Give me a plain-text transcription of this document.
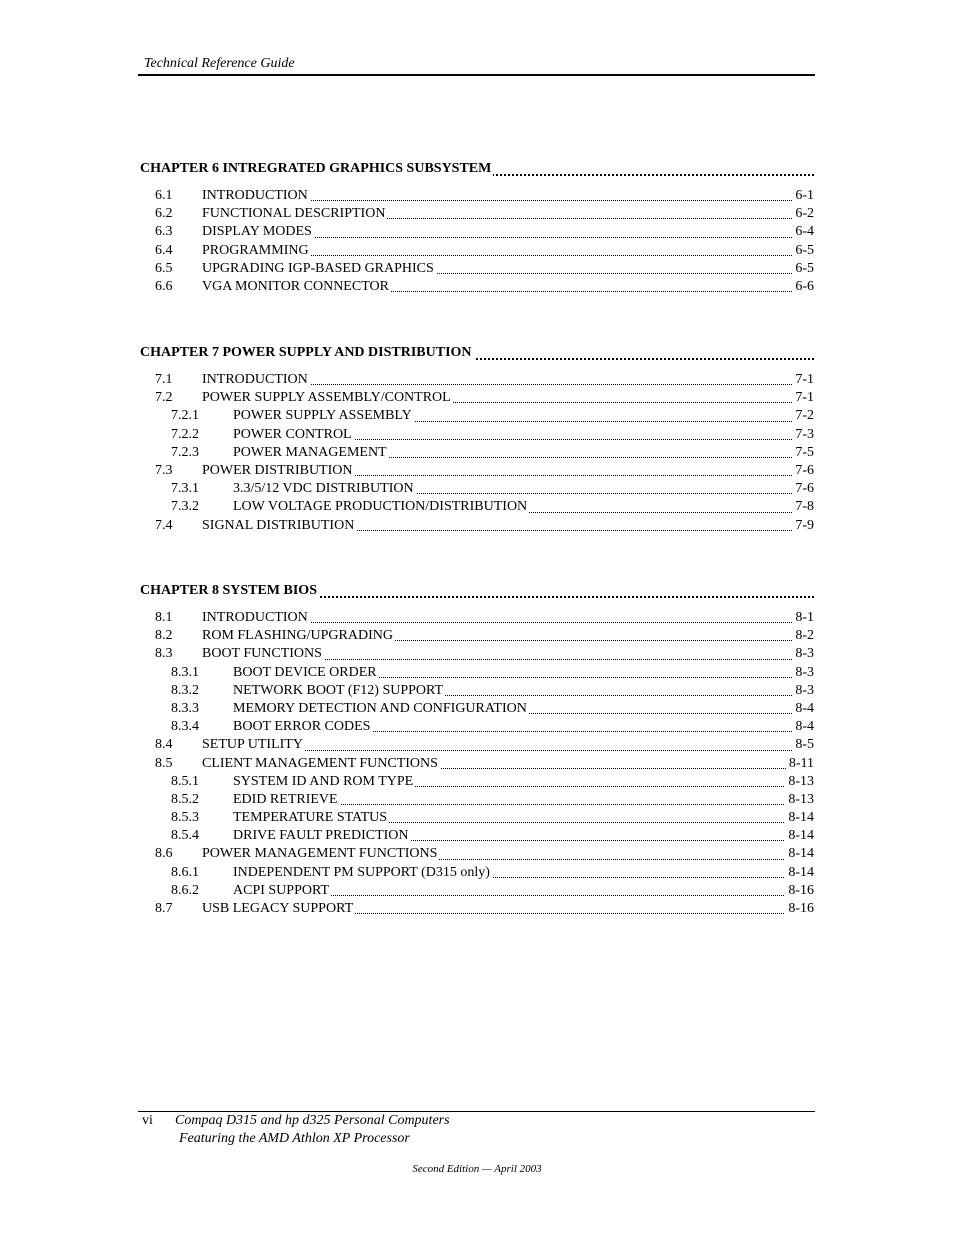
Technical Reference Guide
CHAPTER 6 INTREGRATED GRAPHICS SUBSYSTEM
6.1 INTRODUCTION	6-1
6.2 FUNCTIONAL DESCRIPTION	6-2
6.3 DISPLAY MODES	6-4
6.4 PROGRAMMING	6-5
6.5 UPGRADING IGP-BASED GRAPHICS	6-5
6.6 VGA MONITOR CONNECTOR	6-6
CHAPTER 7 POWER SUPPLY AND DISTRIBUTION
7.1 INTRODUCTION	7-1
7.2 POWER SUPPLY ASSEMBLY/CONTROL	7-1
7.2.1 POWER SUPPLY ASSEMBLY	7-2
7.2.2 POWER CONTROL	7-3
7.2.3 POWER MANAGEMENT	7-5
7.3 POWER DISTRIBUTION	7-6
7.3.1 3.3/5/12 VDC DISTRIBUTION	7-6
7.3.2 LOW VOLTAGE PRODUCTION/DISTRIBUTION	7-8
7.4 SIGNAL DISTRIBUTION	7-9
CHAPTER 8 SYSTEM BIOS
8.1 INTRODUCTION	8-1
8.2 ROM FLASHING/UPGRADING	8-2
8.3 BOOT FUNCTIONS	8-3
8.3.1 BOOT DEVICE ORDER	8-3
8.3.2 NETWORK BOOT (F12) SUPPORT	8-3
8.3.3 MEMORY DETECTION AND CONFIGURATION	8-4
8.3.4 BOOT ERROR CODES	8-4
8.4 SETUP UTILITY	8-5
8.5 CLIENT MANAGEMENT FUNCTIONS	8-11
8.5.1 SYSTEM ID AND ROM TYPE	8-13
8.5.2 EDID RETRIEVE	8-13
8.5.3 TEMPERATURE STATUS	8-14
8.5.4 DRIVE FAULT PREDICTION	8-14
8.6 POWER MANAGEMENT FUNCTIONS	8-14
8.6.1 INDEPENDENT PM SUPPORT (D315 only)	8-14
8.6.2 ACPI SUPPORT	8-16
8.7 USB LEGACY SUPPORT	8-16
vi Compaq D315 and hp d325 Personal Computers
Featuring the AMD Athlon XP Processor
Second Edition — April 2003
